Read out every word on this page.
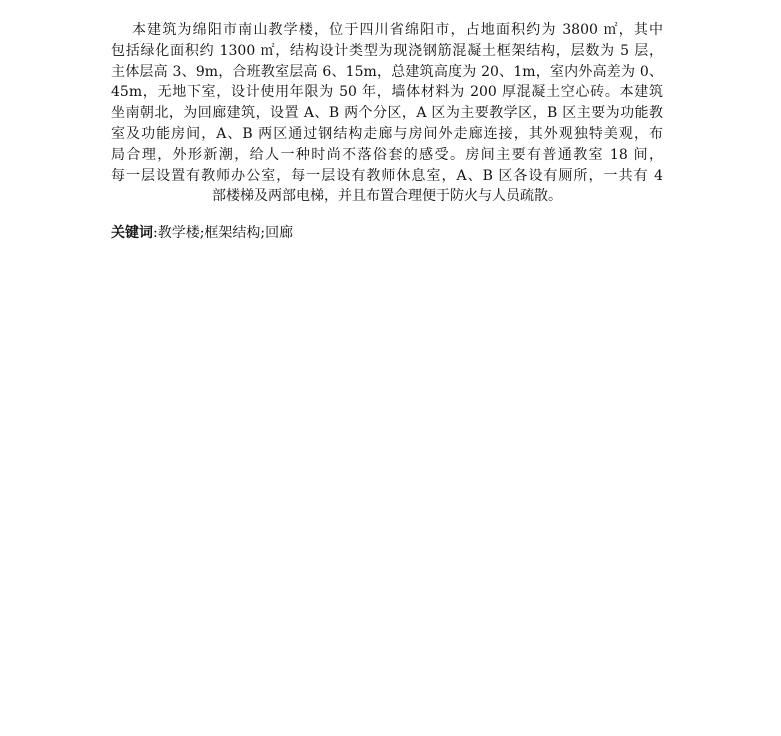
本建筑为绵阳市南山教学楼，位于四川省绵阳市，占地面积约为 3800 ㎡，其中
包括绿化面积约 1300 ㎡，结构设计类型为现浇钢筋混凝土框架结构，层数为 5 层，
主体层高 3、9m，合班教室层高 6、15m，总建筑高度为 20、1m，室内外高差为 0、
45m，无地下室，设计使用年限为 50 年，墙体材料为 200 厚混凝土空心砖。本建筑
坐南朝北，为回廊建筑，设置 A、B 两个分区，A 区为主要教学区，B 区主要为功能教
室及功能房间，A、B 两区通过钢结构走廊与房间外走廊连接，其外观独特美观，布
局合理，外形新潮，给人一种时尚不落俗套的感受。房间主要有普通教室 18 间，
每一层设置有教师办公室，每一层设有教师休息室，A、B 区各设有厕所，一共有 4
部楼梯及两部电梯，并且布置合理便于防火与人员疏散。
关键词:教学楼;框架结构;回廊
